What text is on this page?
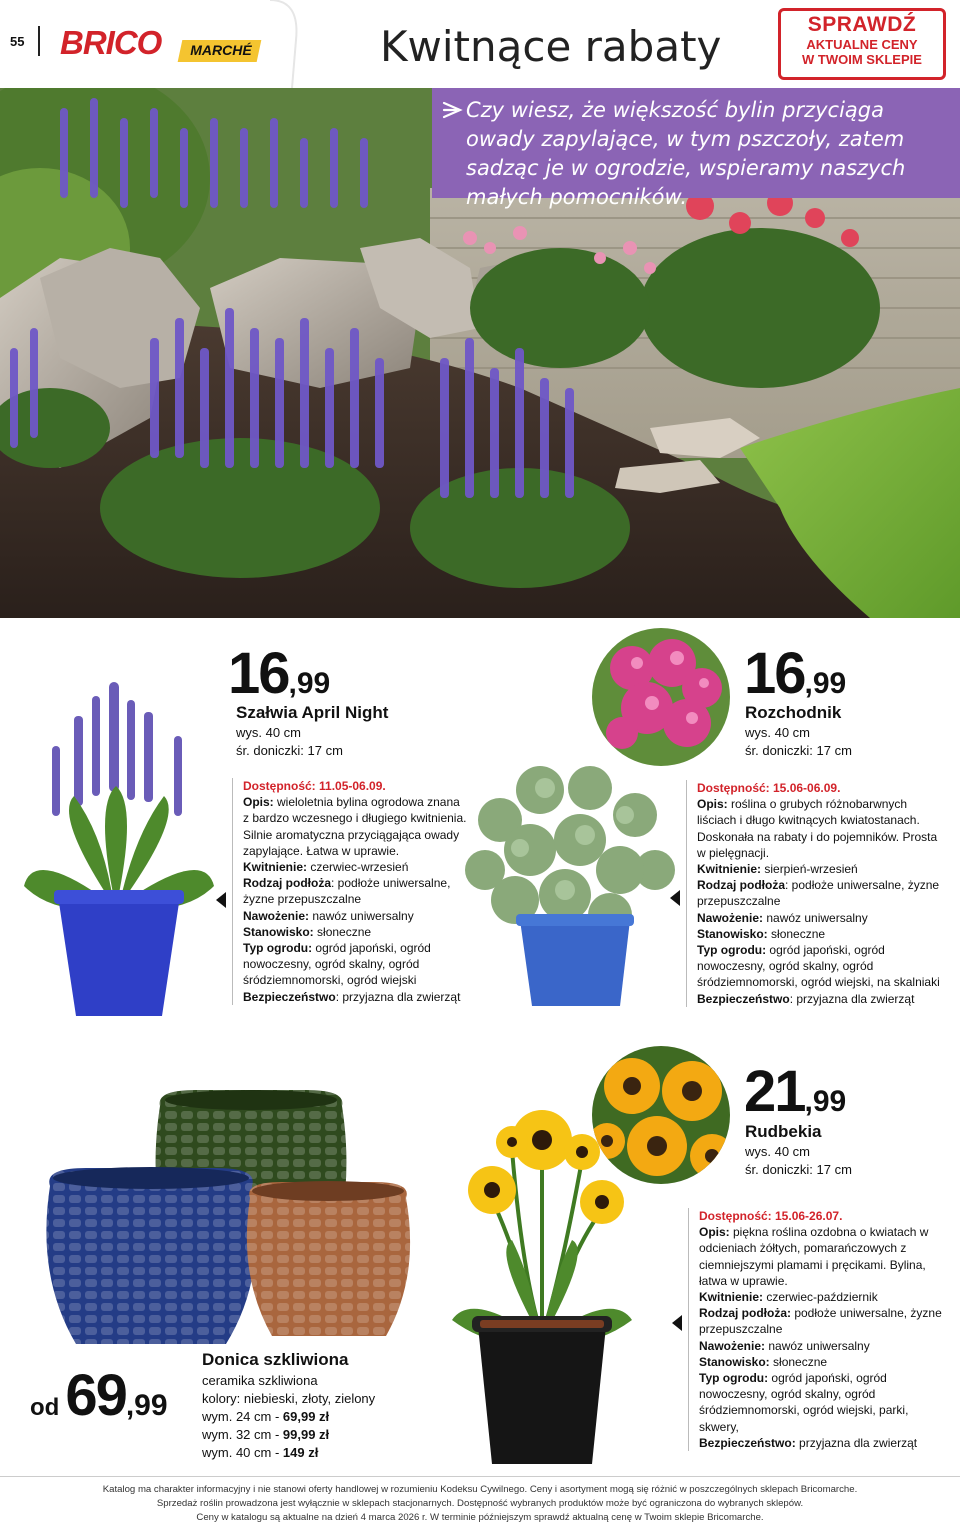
55 BRICO	MARCHÉ	Kwitnące rabaty	SPRAWDŹ
AKTUALNE CENY
W TWOIM SKLEPIE
Czy wiesz, że większość bylin przyciąga owady zapylające, w tym pszczoły, zatem sadząc je w ogrodzie, wspieramy naszych małych pomocników.
16,99
Szałwia April Night
wys. 40 cm
śr. doniczki: 17 cm
Dostępność: 11.05-06.09.
Opis: wieloletnia bylina ogrodowa znana z bardzo wczesnego i długiego kwitnienia. Silnie aromatyczna przyciągająca owady zapylające. Łatwa w uprawie.
Kwitnienie: czerwiec-wrzesień
Rodzaj podłoża: podłoże uniwersalne, żyzne przepuszczalne
Nawożenie: nawóz uniwersalny
Stanowisko: słoneczne
Typ ogrodu: ogród japoński, ogród nowoczesny, ogród skalny, ogród śródziemnomorski, ogród wiejski
Bezpieczeństwo: przyjazna dla zwierząt
16,99
Rozchodnik
wys. 40 cm
śr. doniczki: 17 cm
Dostępność: 15.06-06.09.
Opis: roślina o grubych różnobarwnych liściach i długo kwitnących kwiatostanach. Doskonała na rabaty i do pojemników. Prosta w pielęgnacji.
Kwitnienie: sierpień-wrzesień
Rodzaj podłoża: podłoże uniwersalne, żyzne przepuszczalne
Nawożenie: nawóz uniwersalny
Stanowisko: słoneczne
Typ ogrodu: ogród japoński, ogród nowoczesny, ogród skalny, ogród śródziemnomorski, ogród wiejski, na skalniaki
Bezpieczeństwo: przyjazna dla zwierząt
21,99
Rudbekia
wys. 40 cm
śr. doniczki: 17 cm
Dostępność: 15.06-26.07.
Opis: piękna roślina ozdobna o kwiatach w odcieniach żółtych, pomarańczowych z ciemniejszymi plamami i pręcikami. Bylina, łatwa w uprawie.
Kwitnienie: czerwiec-październik
Rodzaj podłoża: podłoże uniwersalne, żyzne przepuszczalne
Nawożenie: nawóz uniwersalny
Stanowisko: słoneczne
Typ ogrodu: ogród japoński, ogród nowoczesny, ogród skalny, ogród śródziemnomorski, ogród wiejski, parki, skwery,
Bezpieczeństwo: przyjazna dla zwierząt
od 69,99
Donica szkliwiona
ceramika szkliwiona
kolory: niebieski, złoty, zielony
wym. 24 cm - 69,99 zł
wym. 32 cm - 99,99 zł
wym. 40 cm - 149 zł
Katalog ma charakter informacyjny i nie stanowi oferty handlowej w rozumieniu Kodeksu Cywilnego. Ceny i asortyment mogą się różnić w poszczególnych sklepach Bricomarche.
Sprzedaż roślin prowadzona jest wyłącznie w sklepach stacjonarnych. Dostępność wybranych produktów może być ograniczona do wybranych sklepów.
Ceny w katalogu są aktualne na dzień 4 marca 2026 r. W terminie późniejszym sprawdź aktualną cenę w Twoim sklepie Bricomarche.
